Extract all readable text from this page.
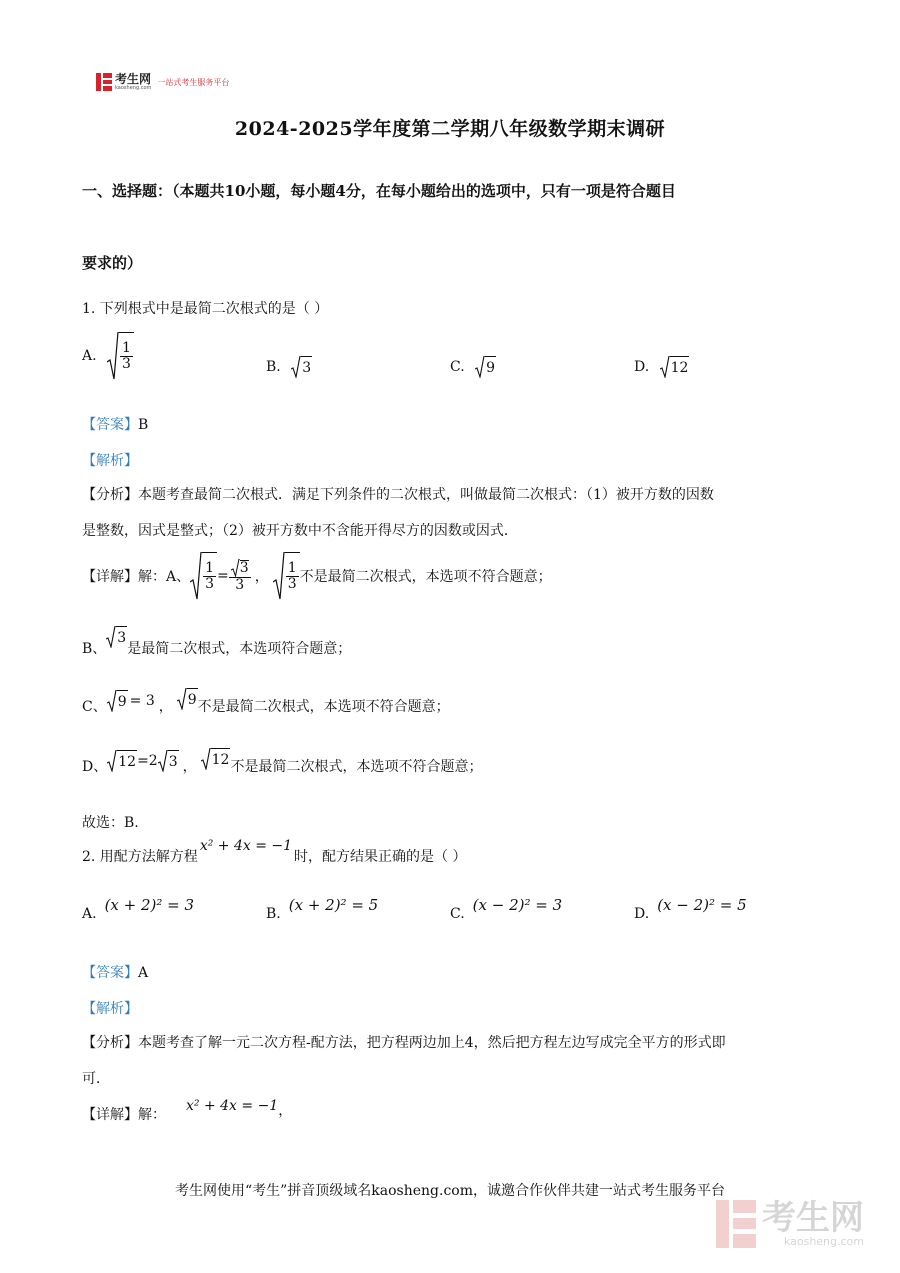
考生网
kaosheng.com
一站式考生服务平台
2024-2025学年度第二学期八年级数学期末调研
一、选择题：（本题共10小题，每小题4分，在每小题给出的选项中，只有一项是符合题目
要求的）
1. 下列根式中是最简二次根式的是（ ）
A. $\frac{1}{3}$	B. 3	C. 9	D. 12
【答案】B
【解析】
【分析】本题考查最简二次根式．满足下列条件的二次根式，叫做最简二次根式：（1）被开方数的因数
是整数，因式是整式；（2）被开方数中不含能开得尽方的因数或因式．
【详解】解：A、 $\frac{1}{3} = \frac{3}{3}$ ， $\frac{1}{3}$ 不是最简二次根式，本选项不符合题意；
B、
3
是最简二次根式，本选项符合题意；
C、 9 = 3 ， 9 不是最简二次根式，本选项不符合题意；
D、 12 =2 3 ， 12 不是最简二次根式，本选项不符合题意；
故选：B.
2. 用配方法解方程
x² + 4x = −1
时，配方结果正确的是（ ）
A. (x + 2)² = 3	B. (x + 2)² = 5	C. (x − 2)² = 3	D. (x − 2)² = 5
【答案】A
【解析】
【分析】本题考查了解一元二次方程-配方法，把方程两边加上4，然后把方程左边写成完全平方的形式即
可．
【详解】解：
x² + 4x = −1 ，
考生网使用“考生”拼音顶级域名kaosheng.com，诚邀合作伙伴共建一站式考生服务平台
考生网
kaosheng.com
